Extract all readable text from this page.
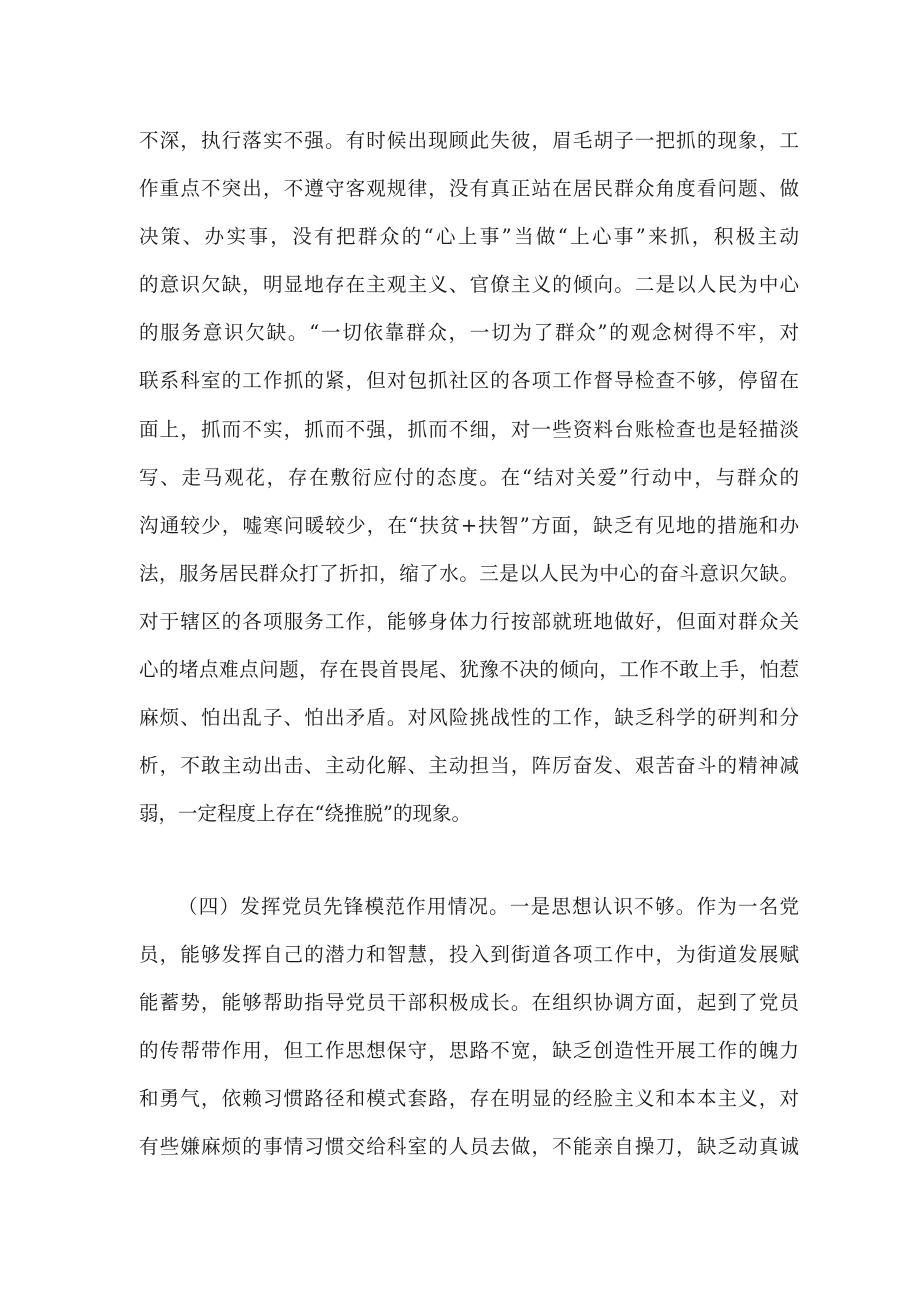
不深，执行落实不强。有时候出现顾此失彼，眉毛胡子一把抓的现象，工
作重点不突出，不遵守客观规律，没有真正站在居民群众角度看问题、做
决策、办实事，没有把群众的“心上事”当做“上心事”来抓，积极主动
的意识欠缺，明显地存在主观主义、官僚主义的倾向。二是以人民为中心
的服务意识欠缺。“一切依靠群众，一切为了群众”的观念树得不牢，对
联系科室的工作抓的紧，但对包抓社区的各项工作督导检查不够，停留在
面上，抓而不实，抓而不强，抓而不细，对一些资料台账检查也是轻描淡
写、走马观花，存在敷衍应付的态度。在“结对关爱”行动中，与群众的
沟通较少，嘘寒问暖较少，在“扶贫+扶智”方面，缺乏有见地的措施和办
法，服务居民群众打了折扣，缩了水。三是以人民为中心的奋斗意识欠缺。
对于辖区的各项服务工作，能够身体力行按部就班地做好，但面对群众关
心的堵点难点问题，存在畏首畏尾、犹豫不决的倾向，工作不敢上手，怕惹
麻烦、怕出乱子、怕出矛盾。对风险挑战性的工作，缺乏科学的研判和分
析，不敢主动出击、主动化解、主动担当，阵厉奋发、艰苦奋斗的精神减
弱，一定程度上存在“绕推脱”的现象。
（四）发挥党员先锋模范作用情况。一是思想认识不够。作为一名党
员，能够发挥自己的潜力和智慧，投入到街道各项工作中，为街道发展赋
能蓄势，能够帮助指导党员干部积极成长。在组织协调方面，起到了党员
的传帮带作用，但工作思想保守，思路不宽，缺乏创造性开展工作的魄力
和勇气，依赖习惯路径和模式套路，存在明显的经脸主义和本本主义，对
有些嫌麻烦的事情习惯交给科室的人员去做，不能亲自操刀，缺乏动真诚
